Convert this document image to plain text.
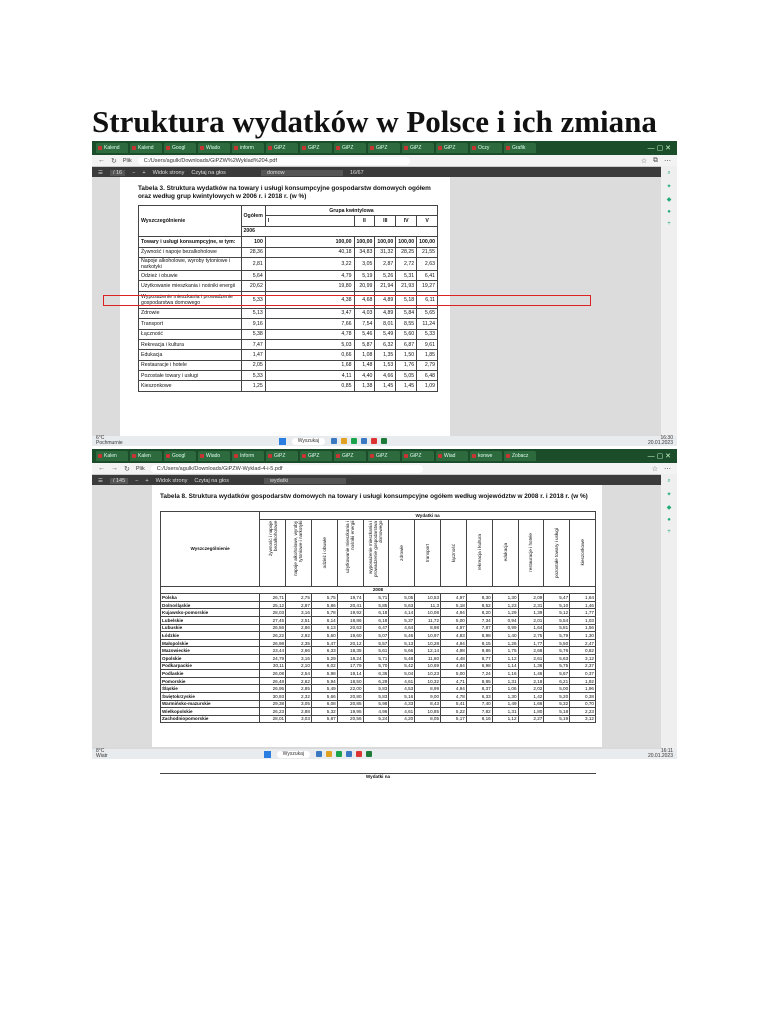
Struktura wydatków w Polsce i ich zmiana
Kalend	Kalend	Googl	Wiado	inform	GiPZ	GiPZ	GiPZ	GiPZ	GiPZ	GiPZ	Oczy	Grafik	— ▢ ✕
← ↻ Plik	C:/Users/agulk/Downloads/GiPZW%2Wyklad%204.pdf	☆ ⧉ ⋯
☰	/ 16	− + Widok strony Czytaj na głos	domow	16/67
Tabela 3. Struktura wydatków na towary i usługi konsumpcyjne gospodarstw domowych ogółem oraz według grup kwintylowych w 2006 r. i 2018 r. (w %)
Wyszczególnienie	Ogółem	Grupa kwintylowa				
		I	II	III	IV	V
	2006					
Towary i usługi konsumpcyjne, w tym:	100	100,00	100,00	100,00	100,00	100,00
Żywność i napoje bezalkoholowe	28,36	40,18	34,83	31,32	28,25	21,55
Napoje alkoholowe, wyroby tytoniowe i narkotyki	2,81	3,22	3,05	2,87	2,72	2,63
Odzież i obuwie	5,64	4,79	5,19	5,26	5,31	6,41
Użytkowanie mieszkania i nośniki energii	20,62	19,80	20,99	21,94	21,93	19,27
Wyposażenie mieszkania i prowadzenie gospodarstwa domowego	5,33	4,38	4,68	4,89	5,18	6,11
Zdrowie	5,13	3,47	4,03	4,89	5,84	5,65
Transport	9,16	7,66	7,54	8,01	8,55	11,24
Łączność	5,38	4,78	5,46	5,49	5,60	5,33
Rekreacja i kultura	7,47	5,03	5,87	6,32	6,87	9,61
Edukacja	1,47	0,66	1,08	1,35	1,50	1,85
Restauracje i hotele	2,05	1,68	1,48	1,53	1,76	2,79
Pozostałe towary i usługi	5,33	4,11	4,40	4,66	5,05	6,48
Kieszonkowe	1,25	0,85	1,38	1,45	1,45	1,09
⌕
✦
◆
●
+
6°C
Pochmurnie	Wyszukaj	16:30
20.01.2023
Kalen	Kalen	Googl	Wiado	Inform	GiPZ	GiPZ	GiPZ	GiPZ	GiPZ	Wiad	konwe	Zobacz	— ▢ ✕
← → ↻ Plik	C:/Users/agulk/Downloads/GiPZW-Wyklad-4-i-5.pdf	☆ ⋯
☰	/ 145	− + Widok strony Czytaj na głos	wydatki
Tabela 8. Struktura wydatków gospodarstw domowych na towary i usługi konsumpcyjne ogółem według województw w 2008 r. i 2018 r. (w %)
Wyszczególnienie	Wydatki na												

	żywność i napoje bezalkoholowe	napoje alkoholowe, wyroby tytoniowe i narkotyki	odzież i obuwie	użytkowanie mieszkania i nośniki energii	wyposażenie mieszkania i prowadzenie gospodarstwa domowego	zdrowie	transport	łączność	rekreacja i kultura	edukacja	restauracje i hotele	pozostałe towary i usługi	kieszonkowe

2008													
Polska	26,71	2,75	5,75	19,74	5,71	5,05	10,53	4,97	8,30	1,30	2,09	5,47	1,64
Dolnośląskie	25,12	2,87	5,86	20,41	5,85	5,63	11,3	5,18	8,52	1,23	2,31	5,10	1,46
Kujawsko-pomorskie	28,03	3,16	5,78	19,92	6,18	4,14	10,08	4,94	8,20	1,29	1,39	5,12	1,77
Lubelskie	27,45	2,51	6,14	18,86	6,18	5,37	11,72	5,00	7,34	0,94	2,01	5,54	1,03
Lubuskie	26,56	2,86	6,13	20,63	6,47	4,64	8,98	4,97	7,87	0,99	1,64	5,81	1,56
Łódzkie	26,22	2,92	5,60	19,60	5,07	5,46	10,97	4,83	8,98	1,40	2,75	5,79	1,30
Małopolskie	26,98	2,35	5,47	20,12	5,57	5,13	10,28	4,94	8,15	1,26	1,77	5,50	2,47
Mazowieckie	23,44	2,66	6,33	18,35	5,61	5,66	12,14	4,98	9,86	1,75	2,68	5,76	0,82
Opolskie	24,79	3,16	5,29	18,24	5,71	5,48	11,60	4,48	8,77	1,12	2,61	5,63	3,12
Podkarpackie	30,11	2,10	6,02	17,79	5,70	5,42	10,69	4,64	6,98	1,14	1,36	5,75	2,37
Podlaskie	26,08	2,54	5,98	19,14	6,36	5,04	10,23	5,00	7,24	1,16	1,46	5,67	0,37
Pomorskie	26,48	2,62	5,94	18,50	6,29	4,61	10,32	4,71	8,85	1,31	2,18	6,21	1,92
Śląskie	26,95	2,85	5,49	22,00	5,83	4,53	8,99	4,94	8,37	1,06	2,02	5,00	1,96
Świętokrzyskie	30,93	2,32	5,66	20,80	5,83	5,16	9,00	4,78	6,33	1,30	1,42	5,20	0,38
Warmińsko-mazurskie	29,38	3,05	6,08	20,85	5,98	4,33	8,43	5,41	7,40	1,49	1,66	5,32	0,70
Wielkopolskie	26,23	2,88	5,32	19,95	4,96	4,61	10,85	5,22	7,82	1,31	1,80	5,18	2,23
Zachodniopomorskie	28,01	3,03	5,87	20,56	5,24	4,20	8,05	5,17	8,16	1,12	2,27	5,19	3,12
Wydatki na
⌕
✦
◆
●
+
8°C
Wiatr	Wyszukaj	16:11
20.01.2023
